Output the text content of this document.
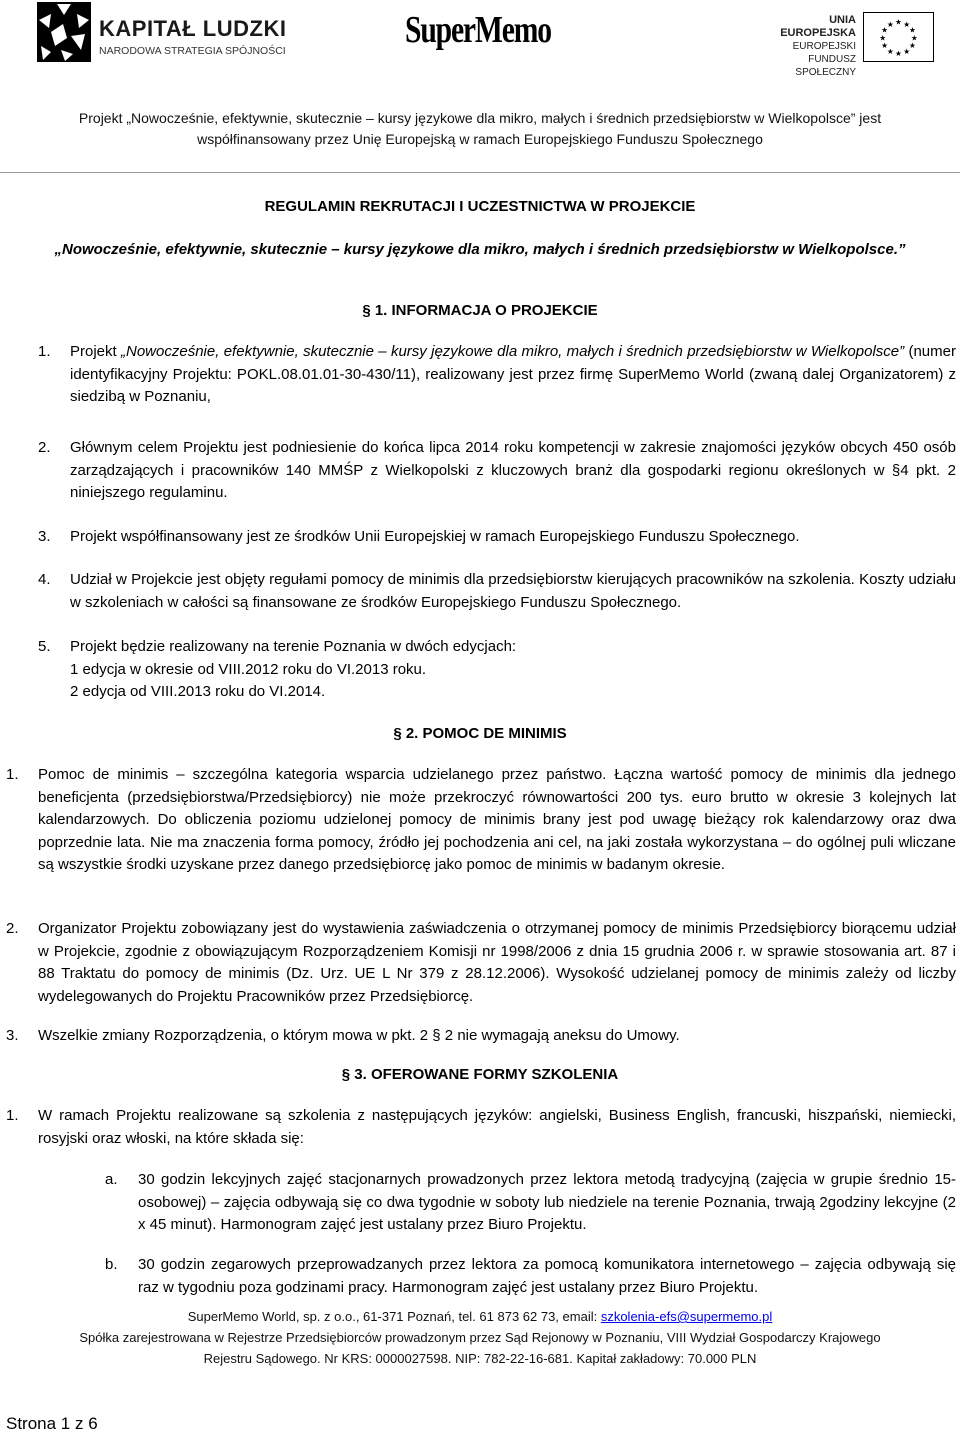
KAPITAŁ LUDZKI
NARODOWA STRATEGIA SPÓJNOŚCI	SuperMemo	UNIA EUROPEJSKA
EUROPEJSKI
FUNDUSZ SPOŁECZNY
★ ★
★
★
★
★
★
★
★
★
★
★
Projekt „Nowocześnie, efektywnie, skutecznie – kursy językowe dla mikro, małych i średnich przedsiębiorstw w Wielkopolsce” jest
współfinansowany przez Unię Europejską w ramach Europejskiego Funduszu Społecznego
REGULAMIN REKRUTACJI I UCZESTNICTWA W PROJEKCIE
„Nowocześnie, efektywnie, skutecznie – kursy językowe dla mikro, małych i średnich przedsiębiorstw w Wielkopolsce.”
§ 1. INFORMACJA O PROJEKCIE
1. Projekt „Nowocześnie, efektywnie, skutecznie – kursy językowe dla mikro, małych i średnich przedsiębiorstw w Wielkopolsce” (numer identyfikacyjny Projektu: POKL.08.01.01-30-430/11), realizowany jest przez firmę SuperMemo World (zwaną dalej Organizatorem) z siedzibą w Poznaniu,
2. Głównym celem Projektu jest podniesienie do końca lipca 2014 roku kompetencji w zakresie znajomości języków obcych 450 osób zarządzających i pracowników 140 MMŚP z Wielkopolski z kluczowych branż dla gospodarki regionu określonych w §4 pkt. 2 niniejszego regulaminu.
3. Projekt współfinansowany jest ze środków Unii Europejskiej w ramach Europejskiego Funduszu Społecznego.
4. Udział w Projekcie jest objęty regułami pomocy de minimis dla przedsiębiorstw kierujących pracowników na szkolenia. Koszty udziału w szkoleniach w całości są finansowane ze środków Europejskiego Funduszu Społecznego.
5. Projekt będzie realizowany na terenie Poznania w dwóch edycjach:
1 edycja w okresie od VIII.2012 roku do VI.2013 roku.
2 edycja od VIII.2013 roku do VI.2014.
§ 2. POMOC DE MINIMIS
1. Pomoc de minimis – szczególna kategoria wsparcia udzielanego przez państwo. Łączna wartość pomocy de minimis dla jednego beneficjenta (przedsiębiorstwa/Przedsiębiorcy) nie może przekroczyć równowartości 200 tys. euro brutto w okresie 3 kolejnych lat kalendarzowych. Do obliczenia poziomu udzielonej pomocy de minimis brany jest pod uwagę bieżący rok kalendarzowy oraz dwa poprzednie lata. Nie ma znaczenia forma pomocy, źródło jej pochodzenia ani cel, na jaki została wykorzystana – do ogólnej puli wliczane są wszystkie środki uzyskane przez danego przedsiębiorcę jako pomoc de minimis w badanym okresie.
2. Organizator Projektu zobowiązany jest do wystawienia zaświadczenia o otrzymanej pomocy de minimis Przedsiębiorcy biorącemu udział w Projekcie, zgodnie z obowiązującym Rozporządzeniem Komisji nr 1998/2006 z dnia 15 grudnia 2006 r. w sprawie stosowania art. 87 i 88 Traktatu do pomocy de minimis (Dz. Urz. UE L Nr 379 z 28.12.2006). Wysokość udzielanej pomocy de minimis zależy od liczby wydelegowanych do Projektu Pracowników przez Przedsiębiorcę.
3. Wszelkie zmiany Rozporządzenia, o którym mowa w pkt. 2 § 2 nie wymagają aneksu do Umowy.
§ 3. OFEROWANE FORMY SZKOLENIA
1. W ramach Projektu realizowane są szkolenia z następujących języków: angielski, Business English, francuski, hiszpański, niemiecki, rosyjski oraz włoski, na które składa się:
a. 30 godzin lekcyjnych zajęć stacjonarnych prowadzonych przez lektora metodą tradycyjną (zajęcia w grupie średnio 15-osobowej) – zajęcia odbywają się co dwa tygodnie w soboty lub niedziele na terenie Poznania, trwają 2godziny lekcyjne (2 x 45 minut). Harmonogram zajęć jest ustalany przez Biuro Projektu.
b. 30 godzin zegarowych przeprowadzanych przez lektora za pomocą komunikatora internetowego – zajęcia odbywają się raz w tygodniu poza godzinami pracy. Harmonogram zajęć jest ustalany przez Biuro Projektu.
SuperMemo World, sp. z o.o., 61-371 Poznań, tel. 61 873 62 73, email: szkolenia-efs@supermemo.pl
Spółka zarejestrowana w Rejestrze Przedsiębiorców prowadzonym przez Sąd Rejonowy w Poznaniu, VIII Wydział Gospodarczy Krajowego
Rejestru Sądowego. Nr KRS: 0000027598. NIP: 782-22-16-681. Kapitał zakładowy: 70.000 PLN
Strona 1 z 6
